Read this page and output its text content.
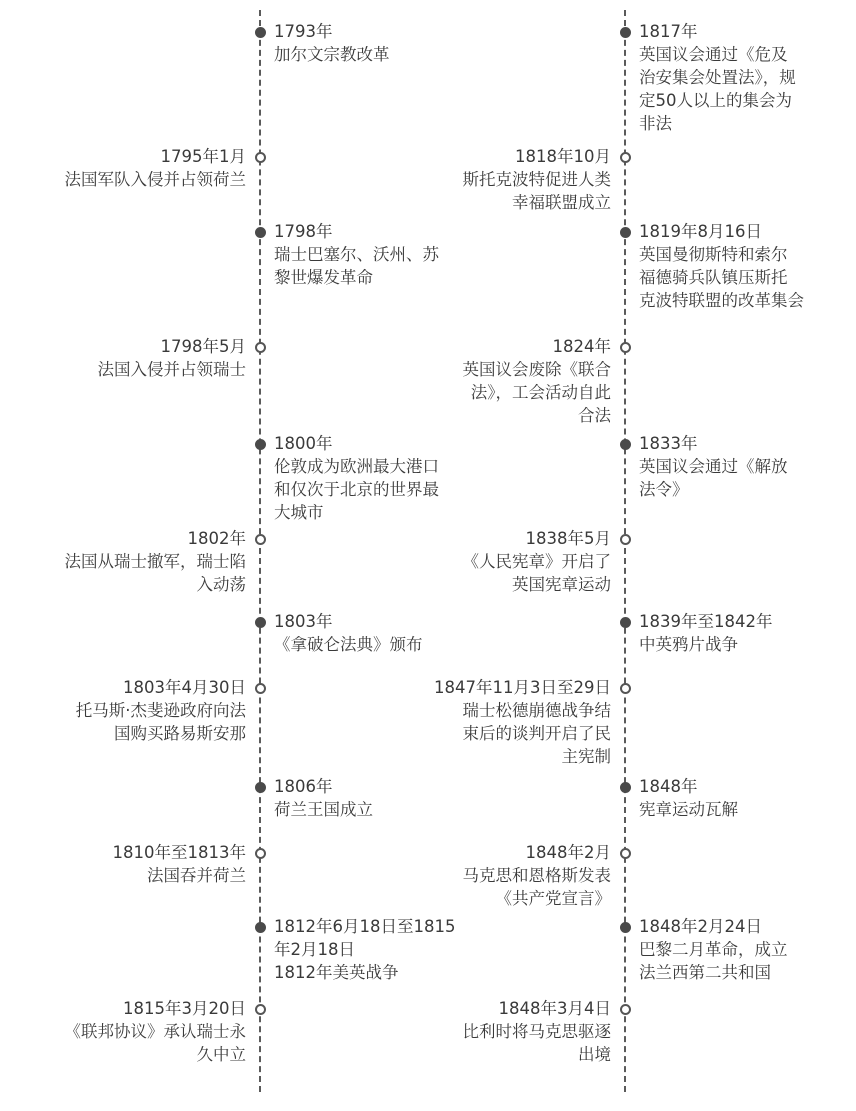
1793年
加尔文宗教改革
1795年1月
法国军队入侵并占领荷兰
1798年
瑞士巴塞尔、沃州、苏
黎世爆发革命
1798年5月
法国入侵并占领瑞士
1800年
伦敦成为欧洲最大港口
和仅次于北京的世界最
大城市
1802年
法国从瑞士撤军，瑞士陷
入动荡
1803年
《拿破仑法典》颁布
1803年4月30日
托马斯·杰斐逊政府向法
国购买路易斯安那
1806年
荷兰王国成立
1810年至1813年
法国吞并荷兰
1812年6月18日至1815
年2月18日
1812年美英战争
1815年3月20日
《联邦协议》承认瑞士永
久中立
1817年
英国议会通过《危及
治安集会处置法》，规
定50人以上的集会为
非法
1818年10月
斯托克波特促进人类
幸福联盟成立
1819年8月16日
英国曼彻斯特和索尔
福德骑兵队镇压斯托
克波特联盟的改革集会
1824年
英国议会废除《联合
法》，工会活动自此
合法
1833年
英国议会通过《解放
法令》
1838年5月
《人民宪章》开启了
英国宪章运动
1839年至1842年
中英鸦片战争
1847年11月3日至29日
瑞士松德崩德战争结
束后的谈判开启了民
主宪制
1848年
宪章运动瓦解
1848年2月
马克思和恩格斯发表
《共产党宣言》
1848年2月24日
巴黎二月革命，成立
法兰西第二共和国
1848年3月4日
比利时将马克思驱逐
出境
